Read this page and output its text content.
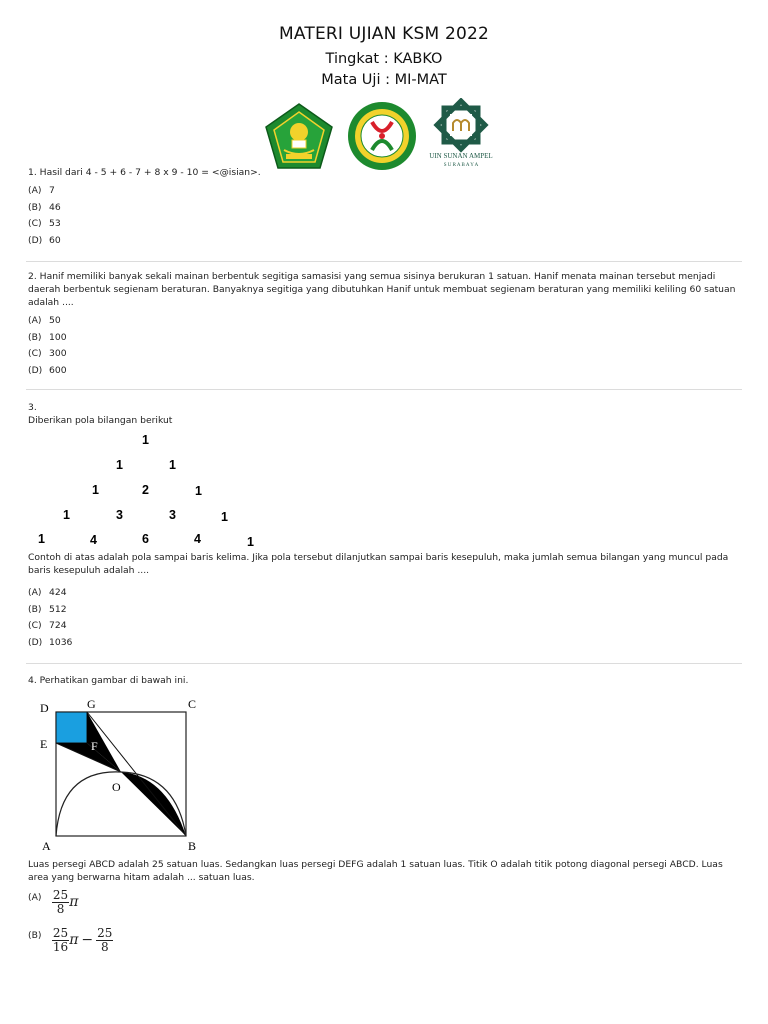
MATERI UJIAN KSM 2022
Tingkat : KABKO
Mata Uji : MI-MAT
UIN SUNAN AMPEL
S U R A B A Y A
1. Hasil dari 4 - 5 + 6 - 7 + 8 x 9 - 10 = <@isian>.
(A) 7
(B) 46
(C) 53
(D) 60
2. Hanif memiliki banyak sekali mainan berbentuk segitiga samasisi yang semua sisinya berukuran 1 satuan. Hanif menata mainan tersebut menjadi daerah berbentuk segienam beraturan. Banyaknya segitiga yang dibutuhkan Hanif untuk membuat segienam beraturan yang memiliki keliling 60 satuan adalah ....
(A) 50
(B) 100
(C) 300
(D) 600
3.
Diberikan pola bilangan berikut
1
1	1
1	2	1
1	3	3	1
1	4	6	4	1
Contoh di atas adalah pola sampai baris kelima. Jika pola tersebut dilanjutkan sampai baris kesepuluh, maka jumlah semua bilangan yang muncul pada baris kesepuluh adalah ....
(A) 424
(B) 512
(C) 724
(D) 1036
4. Perhatikan gambar di bawah ini.
D	G	C
E	F
O
A	B
Luas persegi ABCD adalah 25 satuan luas. Sedangkan luas persegi DEFG adalah 1 satuan luas. Titik O adalah titik potong diagonal persegi ABCD. Luas area yang berwarna hitam adalah ... satuan luas.
$(A) \frac{25}{8}$ π
$(B) \frac{25}{16}$ $\pi - \frac{25}{8}$
